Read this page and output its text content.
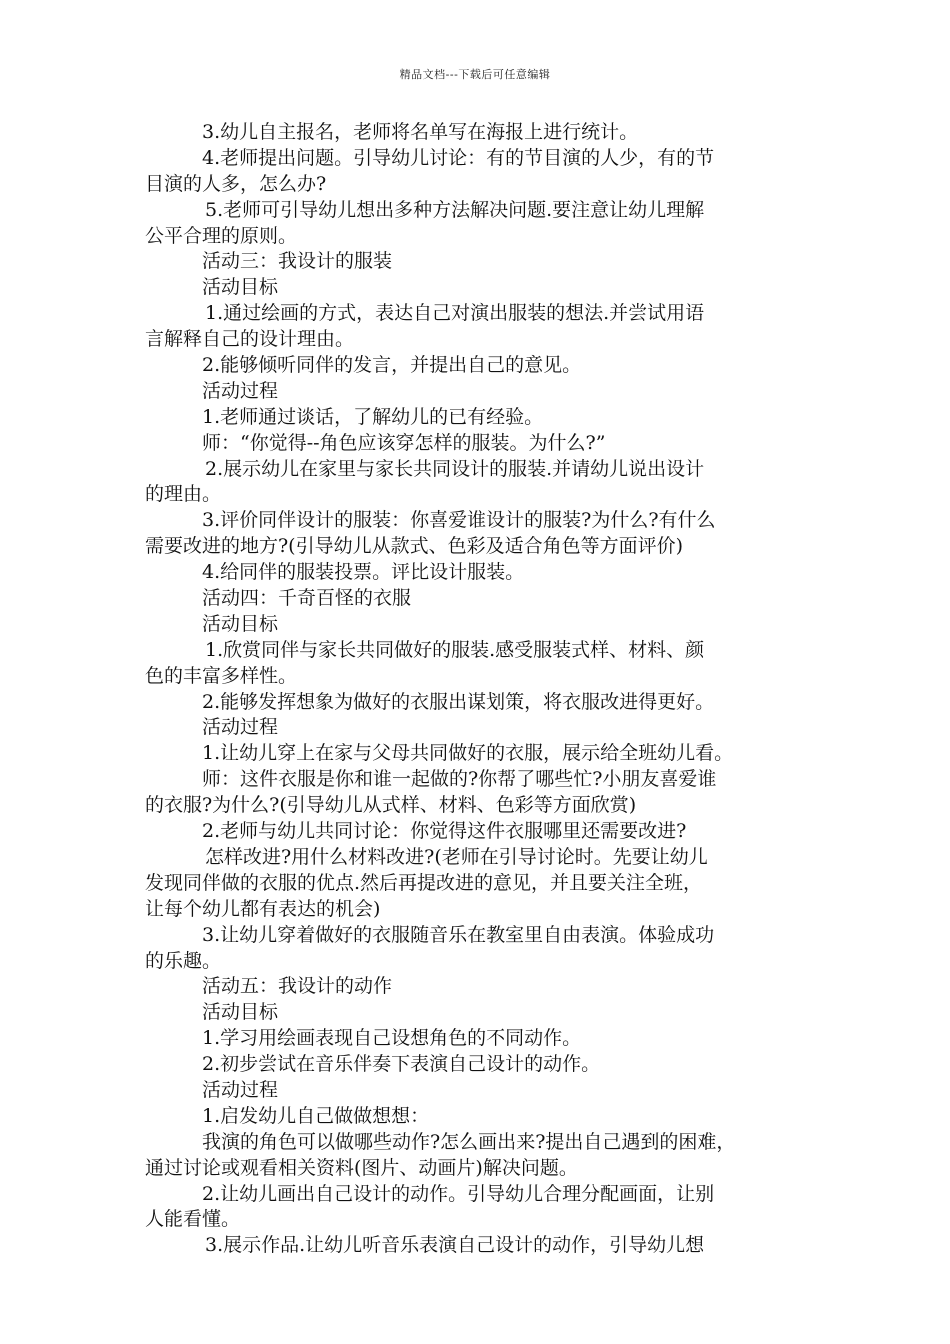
精品文档---下载后可任意编辑
3.幼儿自主报名，老师将名单写在海报上进行统计。
4.老师提出问题。引导幼儿讨论：有的节目演的人少，有的节
目演的人多，怎么办?
5.老师可引导幼儿想出多种方法解决问题.要注意让幼儿理解
公平合理的原则。
活动三：我设计的服装
活动目标
1.通过绘画的方式，表达自己对演出服装的想法.并尝试用语
言解释自己的设计理由。
2.能够倾听同伴的发言，并提出自己的意见。
活动过程
1.老师通过谈话，了解幼儿的已有经验。
师：“你觉得--角色应该穿怎样的服装。为什么?”
2.展示幼儿在家里与家长共同设计的服装.并请幼儿说出设计
的理由。
3.评价同伴设计的服装：你喜爱谁设计的服装?为什么?有什么
需要改进的地方?(引导幼儿从款式、色彩及适合角色等方面评价)
4.给同伴的服装投票。评比设计服装。
活动四：千奇百怪的衣服
活动目标
1.欣赏同伴与家长共同做好的服装.感受服装式样、材料、颜
色的丰富多样性。
2.能够发挥想象为做好的衣服出谋划策，将衣服改进得更好。
活动过程
1.让幼儿穿上在家与父母共同做好的衣服，展示给全班幼儿看。
师：这件衣服是你和谁一起做的?你帮了哪些忙?小朋友喜爱谁
的衣服?为什么?(引导幼儿从式样、材料、色彩等方面欣赏)
2.老师与幼儿共同讨论：你觉得这件衣服哪里还需要改进?
怎样改进?用什么材料改进?(老师在引导讨论时。先要让幼儿
发现同伴做的衣服的优点.然后再提改进的意见，并且要关注全班，
让每个幼儿都有表达的机会)
3.让幼儿穿着做好的衣服随音乐在教室里自由表演。体验成功
的乐趣。
活动五：我设计的动作
活动目标
1.学习用绘画表现自己设想角色的不同动作。
2.初步尝试在音乐伴奏下表演自己设计的动作。
活动过程
1.启发幼儿自己做做想想：
我演的角色可以做哪些动作?怎么画出来?提出自己遇到的困难，
通过讨论或观看相关资料(图片、动画片)解决问题。
2.让幼儿画出自己设计的动作。引导幼儿合理分配画面，让别
人能看懂。
3.展示作品.让幼儿听音乐表演自己设计的动作，引导幼儿想
